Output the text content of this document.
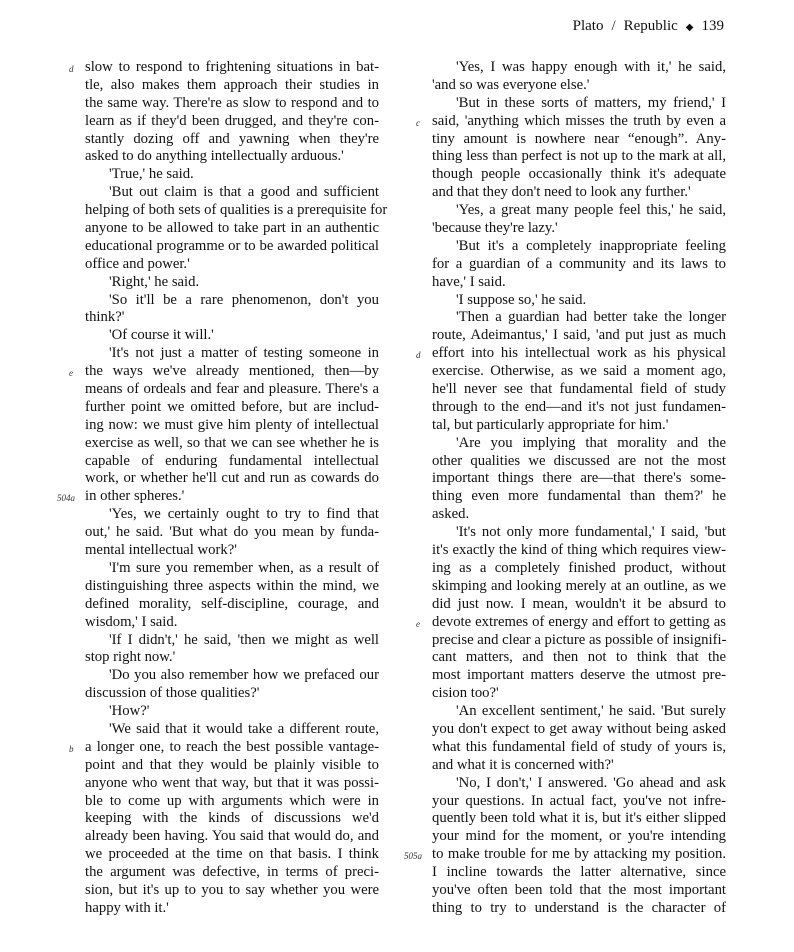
Plato / Republic ◆ 139
d slow to respond to frightening situations in bat-
tle, also makes them approach their studies in
the same way. There're as slow to respond and to
learn as if they'd been drugged, and they're con-
stantly dozing off and yawning when they're
asked to do anything intellectually arduous.'
'True,' he said.
'But out claim is that a good and sufficient
helping of both sets of qualities is a prerequisite for
anyone to be allowed to take part in an authentic
educational programme or to be awarded political
office and power.'
'Right,' he said.
'So it'll be a rare phenomenon, don't you
think?'
'Of course it will.'
'It's not just a matter of testing someone in
e the ways we've already mentioned, then—by
means of ordeals and fear and pleasure. There's a
further point we omitted before, but are includ-
ing now: we must give him plenty of intellectual
exercise as well, so that we can see whether he is
capable of enduring fundamental intellectual
work, or whether he'll cut and run as cowards do
504a in other spheres.'
'Yes, we certainly ought to try to find that
out,' he said. 'But what do you mean by funda-
mental intellectual work?'
'I'm sure you remember when, as a result of
distinguishing three aspects within the mind, we
defined morality, self-discipline, courage, and
wisdom,' I said.
'If I didn't,' he said, 'then we might as well
stop right now.'
'Do you also remember how we prefaced our
discussion of those qualities?'
'How?'
'We said that it would take a different route,
b a longer one, to reach the best possible vantage-
point and that they would be plainly visible to
anyone who went that way, but that it was possi-
ble to come up with arguments which were in
keeping with the kinds of discussions we'd
already been having. You said that would do, and
we proceeded at the time on that basis. I think
the argument was defective, in terms of preci-
sion, but it's up to you to say whether you were
happy with it.'
'Yes, I was happy enough with it,' he said,
'and so was everyone else.'
'But in these sorts of matters, my friend,' I
c said, 'anything which misses the truth by even a
tiny amount is nowhere near “enough”. Any-
thing less than perfect is not up to the mark at all,
though people occasionally think it's adequate
and that they don't need to look any further.'
'Yes, a great many people feel this,' he said,
'because they're lazy.'
'But it's a completely inappropriate feeling
for a guardian of a community and its laws to
have,' I said.
'I suppose so,' he said.
'Then a guardian had better take the longer
route, Adeimantus,' I said, 'and put just as much
d effort into his intellectual work as his physical
exercise. Otherwise, as we said a moment ago,
he'll never see that fundamental field of study
through to the end—and it's not just fundamen-
tal, but particularly appropriate for him.'
'Are you implying that morality and the
other qualities we discussed are not the most
important things there are—that there's some-
thing even more fundamental than them?' he
asked.
'It's not only more fundamental,' I said, 'but
it's exactly the kind of thing which requires view-
ing as a completely finished product, without
skimping and looking merely at an outline, as we
did just now. I mean, wouldn't it be absurd to
e devote extremes of energy and effort to getting as
precise and clear a picture as possible of insignifi-
cant matters, and then not to think that the
most important matters deserve the utmost pre-
cision too?'
'An excellent sentiment,' he said. 'But surely
you don't expect to get away without being asked
what this fundamental field of study of yours is,
and what it is concerned with?'
'No, I don't,' I answered. 'Go ahead and ask
your questions. In actual fact, you've not infre-
quently been told what it is, but it's either slipped
your mind for the moment, or you're intending
505a to make trouble for me by attacking my position.
I incline towards the latter alternative, since
you've often been told that the most important
thing to try to understand is the character of
